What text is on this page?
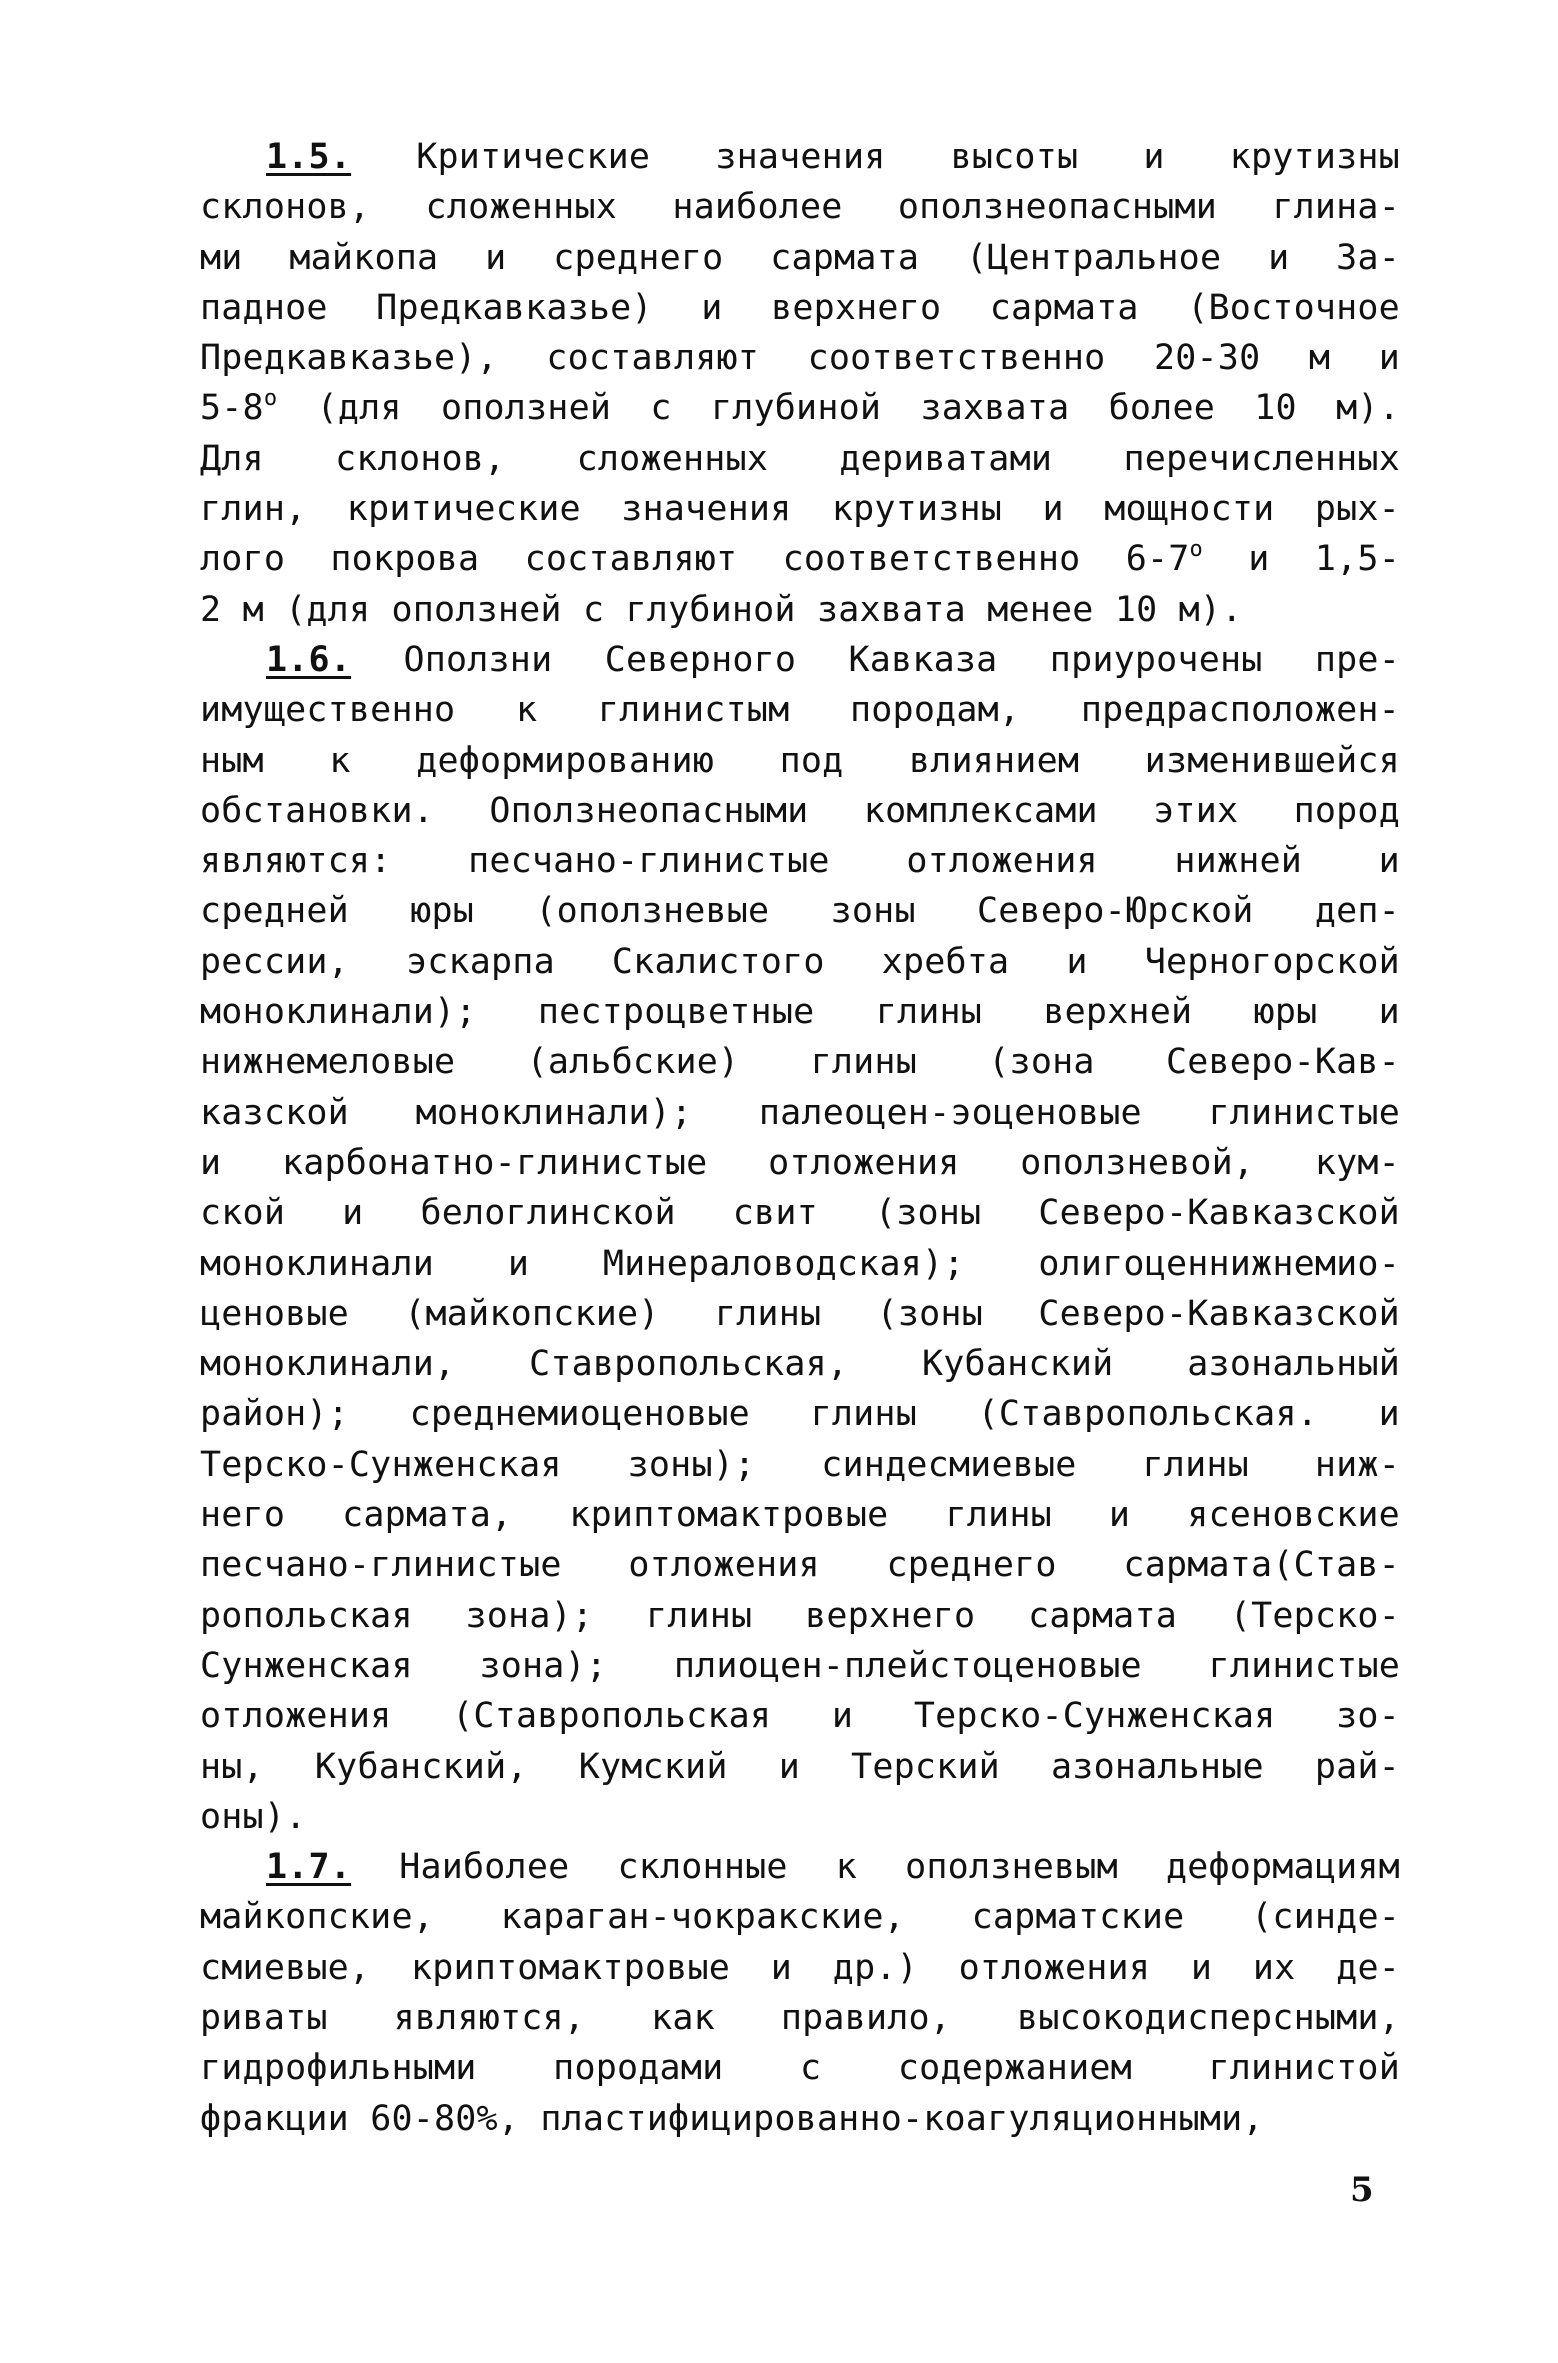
1.5. Критические значения высоты и крутизны
склонов, сложенных наиболее оползнеопасными глина-
ми майкопа и среднего сармата (Центральное и За-
падное Предкавказье) и верхнего сармата (Восточное
Предкавказье), составляют соответственно 20-30 м и
5-8$^o$ (для оползней с глубиной захвата более 10 м).
Для склонов, сложенных дериватами перечисленных
глин, критические значения крутизны и мощности рых-
лого покрова составляют соответственно 6-7$^o$ и 1,5-
2
м
(для
оползней
с
глубиной
захвата
менее
10
м).
1.6. Оползни Северного Кавказа приурочены пре-
имущественно к глинистым породам, предрасположен-
ным к деформированию под влиянием изменившейся
обстановки. Оползнеопасными комплексами этих пород
являются: песчано-глинистые отложения нижней и
средней юры (оползневые зоны Северо-Юрской деп-
рессии, эскарпа Скалистого хребта и Черногорской
моноклинали); пестроцветные глины верхней юры и
нижнемеловые (альбские) глины (зона Северо-Кав-
казской моноклинали); палеоцен-эоценовые глинистые
и карбонатно-глинистые отложения оползневой, кум-
ской и белоглинской свит (зоны Северо-Кавказской
моноклинали и Минераловодская); олигоценнижнемио-
ценовые (майкопские) глины (зоны Северо-Кавказской
моноклинали, Ставропольская, Кубанский азональный
район); среднемиоценовые глины (Ставропольская. и
Терско-Сунженская зоны); синдесмиевые глины ниж-
него сармата, криптомактровые глины и ясеновские
песчано-глинистые отложения среднего сармата(Став-
ропольская зона); глины верхнего сармата (Терско-
Сунженская зона); плиоцен-плейстоценовые глинистые
отложения (Ставропольская и Терско-Сунженская зо-
ны, Кубанский, Кумский и Терский азональные рай-
оны).
1.7. Наиболее склонные к оползневым деформациям
майкопские, караган-чокракские, сарматские (синде-
смиевые, криптомактровые и др.) отложения и их де-
риваты являются, как правило, высокодисперсными,
гидрофильными породами с содержанием глинистой
фракции
60-80%,
пластифицированно-коагуляционными,
5
